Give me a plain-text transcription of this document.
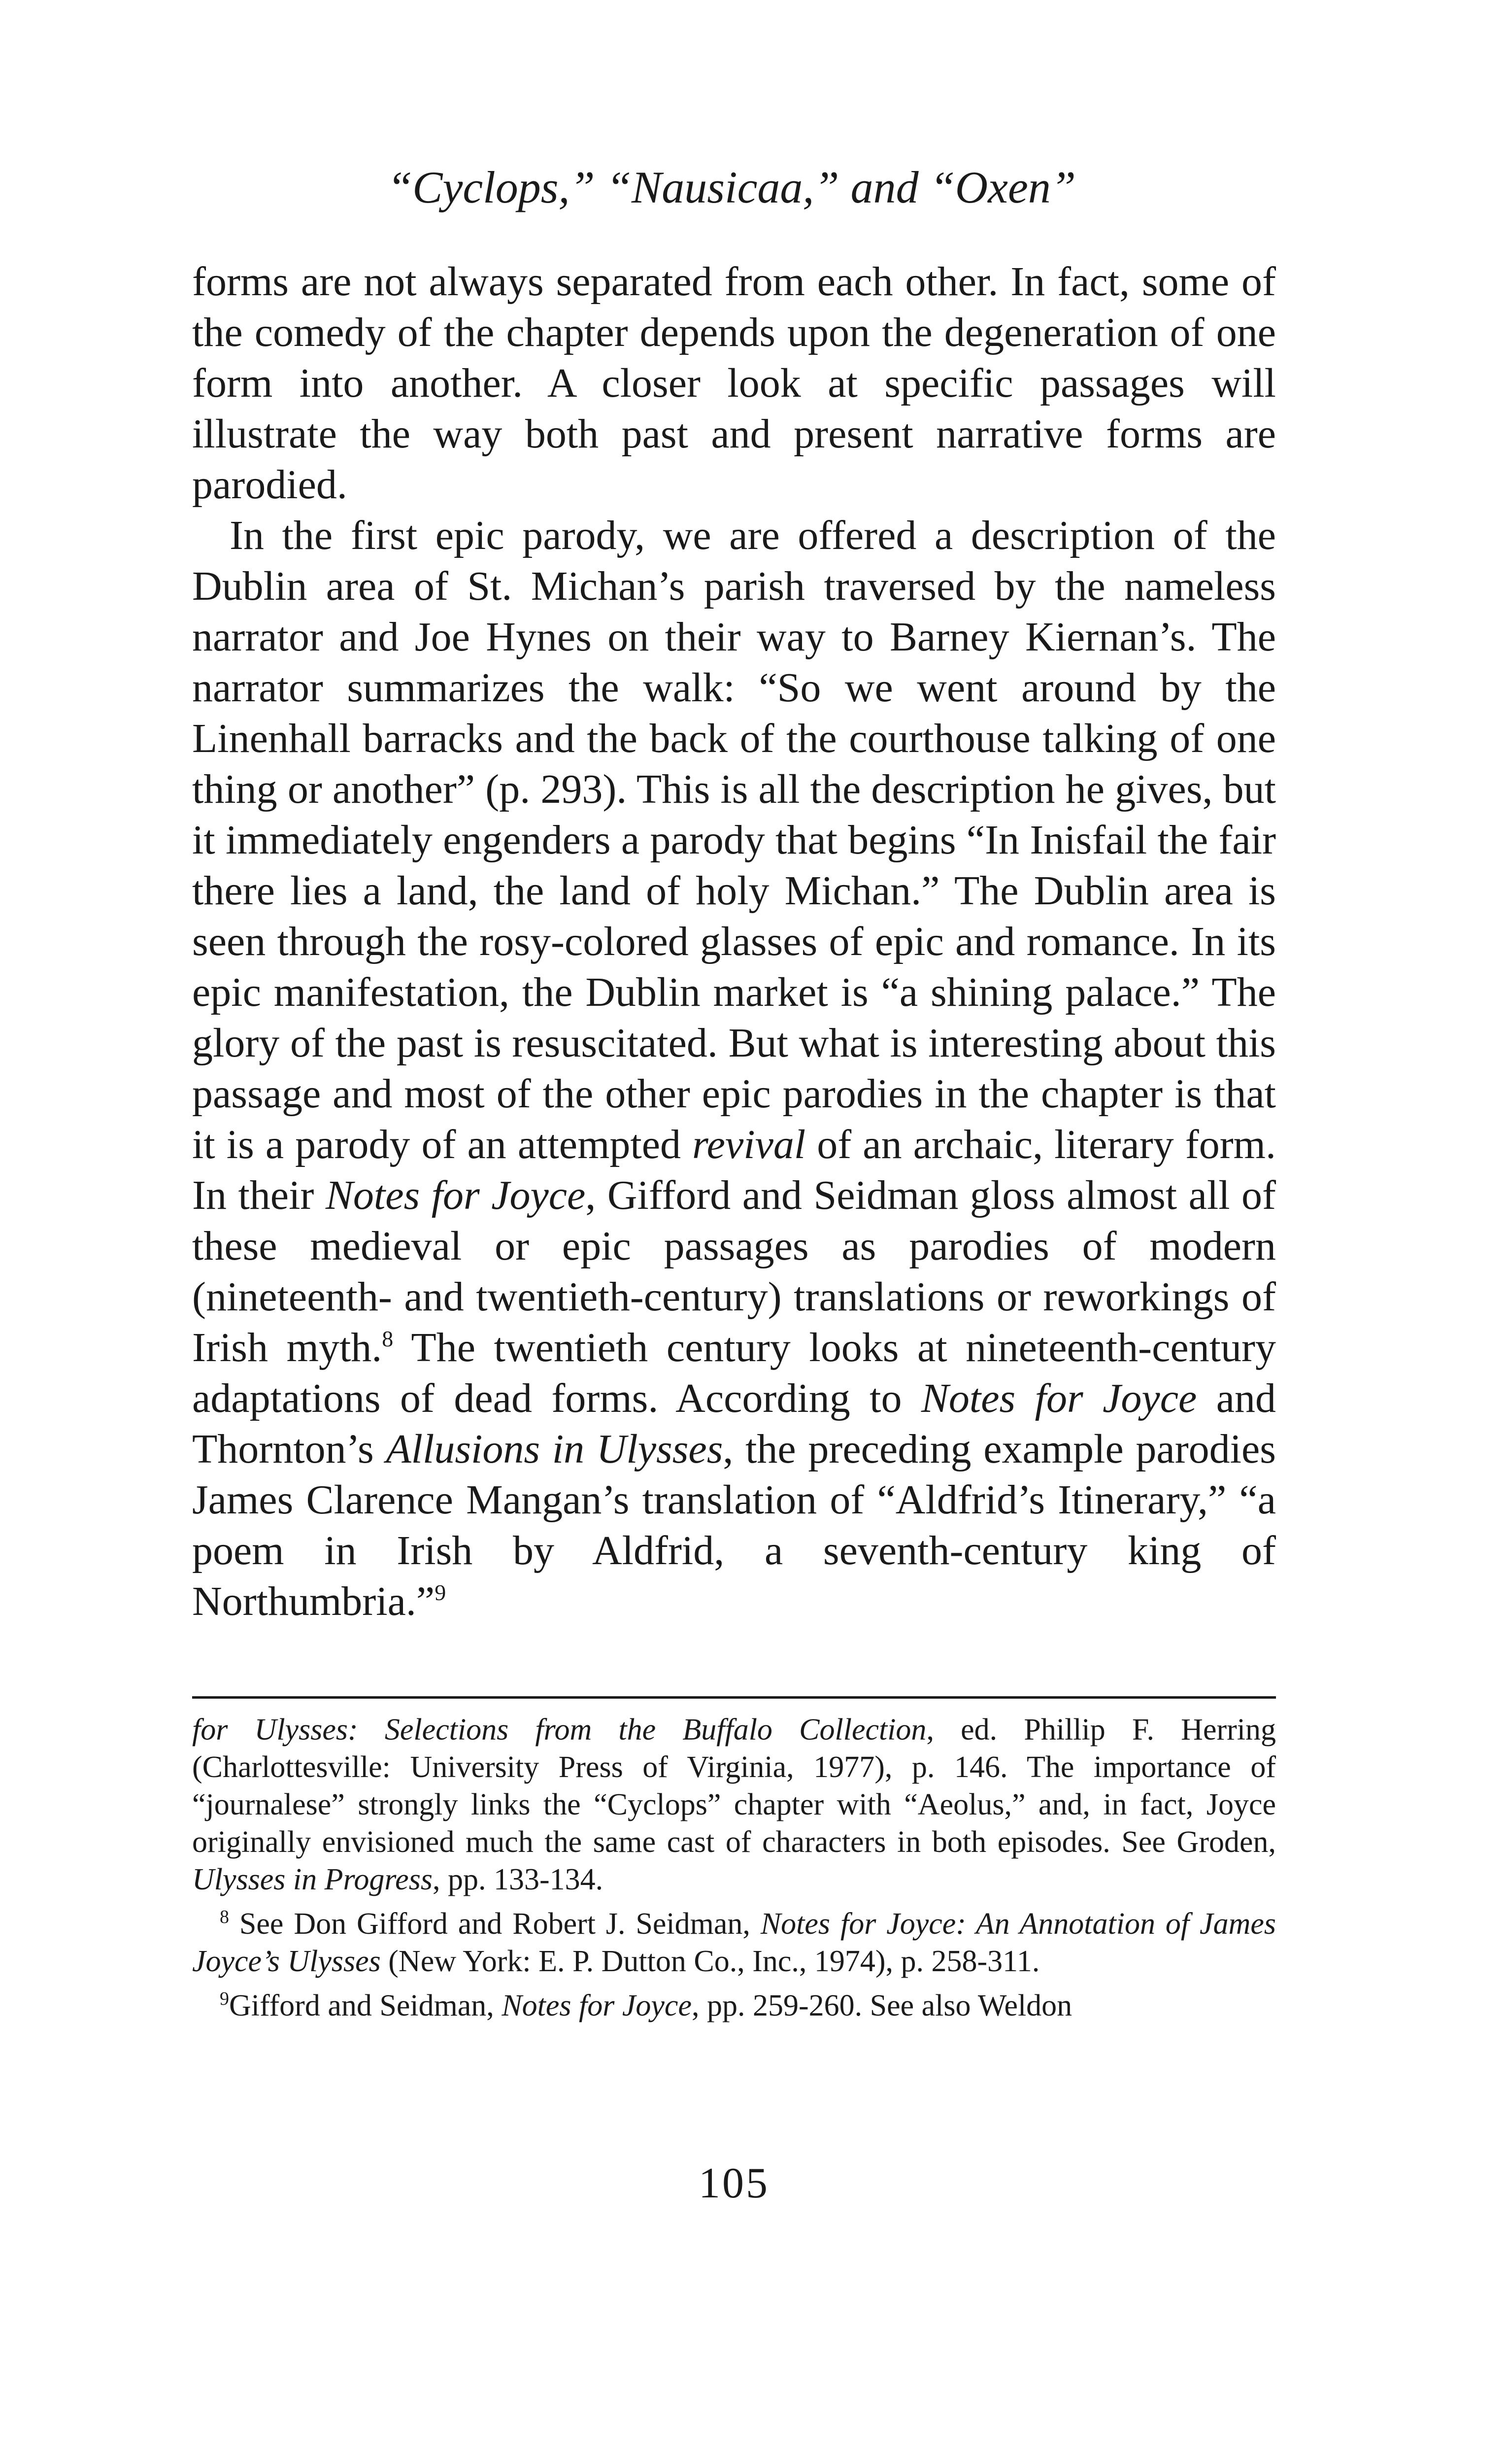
“Cyclops,” “Nausicaa,” and “Oxen”

forms are not always separated from each other. In fact, some of the comedy of the chapter depends upon the degeneration of one form into another. A closer look at specific passages will illustrate the way both past and present narrative forms are parodied.

In the first epic parody, we are offered a description of the Dublin area of St. Michan’s parish traversed by the nameless narrator and Joe Hynes on their way to Barney Kiernan’s. The narrator summarizes the walk: “So we went around by the Linenhall barracks and the back of the courthouse talking of one thing or another” (p. 293). This is all the description he gives, but it immediately engenders a parody that begins “In Inisfail the fair there lies a land, the land of holy Michan.” The Dublin area is seen through the rosy-colored glasses of epic and romance. In its epic manifestation, the Dublin market is “a shining palace.” The glory of the past is resuscitated. But what is interesting about this passage and most of the other epic parodies in the chapter is that it is a parody of an attempted revival of an archaic, literary form. In their Notes for Joyce, Gifford and Seidman gloss almost all of these medieval or epic passages as parodies of modern (nineteenth- and twentieth-century) translations or reworkings of Irish myth.$^8$ The twentieth century looks at nineteenth-century adaptations of dead forms. According to Notes for Joyce and Thornton’s Allusions in Ulysses, the preceding example parodies James Clarence Mangan’s translation of “Aldfrid’s Itinerary,” “a poem in Irish by Aldfrid, a seventh-century king of Northumbria.”$^9$

for Ulysses: Selections from the Buffalo Collection, ed. Phillip F. Herring (Charlottesville: University Press of Virginia, 1977), p. 146. The importance of “journalese” strongly links the “Cyclops” chapter with “Aeolus,” and, in fact, Joyce originally envisioned much the same cast of characters in both episodes. See Groden, Ulysses in Progress, pp. 133-134.

$^8$ See Don Gifford and Robert J. Seidman, Notes for Joyce: An Annotation of James Joyce’s Ulysses (New York: E. P. Dutton Co., Inc., 1974), p. 258-311.

$^9$Gifford and Seidman, Notes for Joyce, pp. 259-260. See also Weldon

105
